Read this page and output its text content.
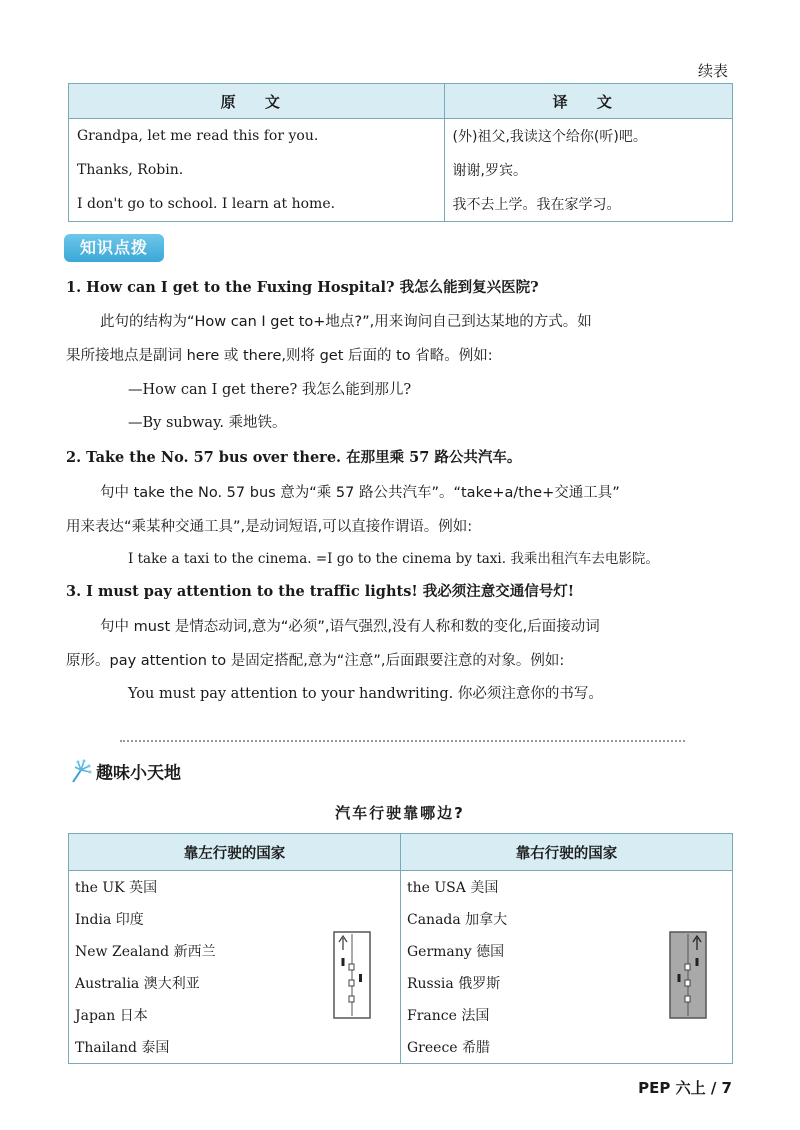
续表
原 文	译 文
Grandpa, let me read this for you.	(外)祖父,我读这个给你(听)吧。
Thanks, Robin.	谢谢,罗宾。
I don't go to school. I learn at home.	我不去上学。我在家学习。
知识点拨
1. How can I get to the Fuxing Hospital? 我怎么能到复兴医院?
此句的结构为“How can I get to+地点?”,用来询问自己到达某地的方式。如
果所接地点是副词 here 或 there,则将 get 后面的 to 省略。例如:
—How can I get there? 我怎么能到那儿?
—By subway. 乘地铁。
2. Take the No. 57 bus over there. 在那里乘 57 路公共汽车。
句中 take the No. 57 bus 意为“乘 57 路公共汽车”。“take+a/the+交通工具”
用来表达“乘某种交通工具”,是动词短语,可以直接作谓语。例如:
I take a taxi to the cinema. =I go to the cinema by taxi. 我乘出租汽车去电影院。
3. I must pay attention to the traffic lights! 我必须注意交通信号灯!
句中 must 是情态动词,意为“必须”,语气强烈,没有人称和数的变化,后面接动词
原形。pay attention to 是固定搭配,意为“注意”,后面跟要注意的对象。例如:
You must pay attention to your handwriting. 你必须注意你的书写。
趣味小天地
汽车行驶靠哪边?
靠左行驶的国家	靠右行驶的国家
the UK 英国	the USA 美国
India 印度	Canada 加拿大
New Zealand 新西兰	Germany 德国
Australia 澳大利亚	Russia 俄罗斯
Japan 日本	France 法国
Thailand 泰国	Greece 希腊
PEP 六上 / 7
